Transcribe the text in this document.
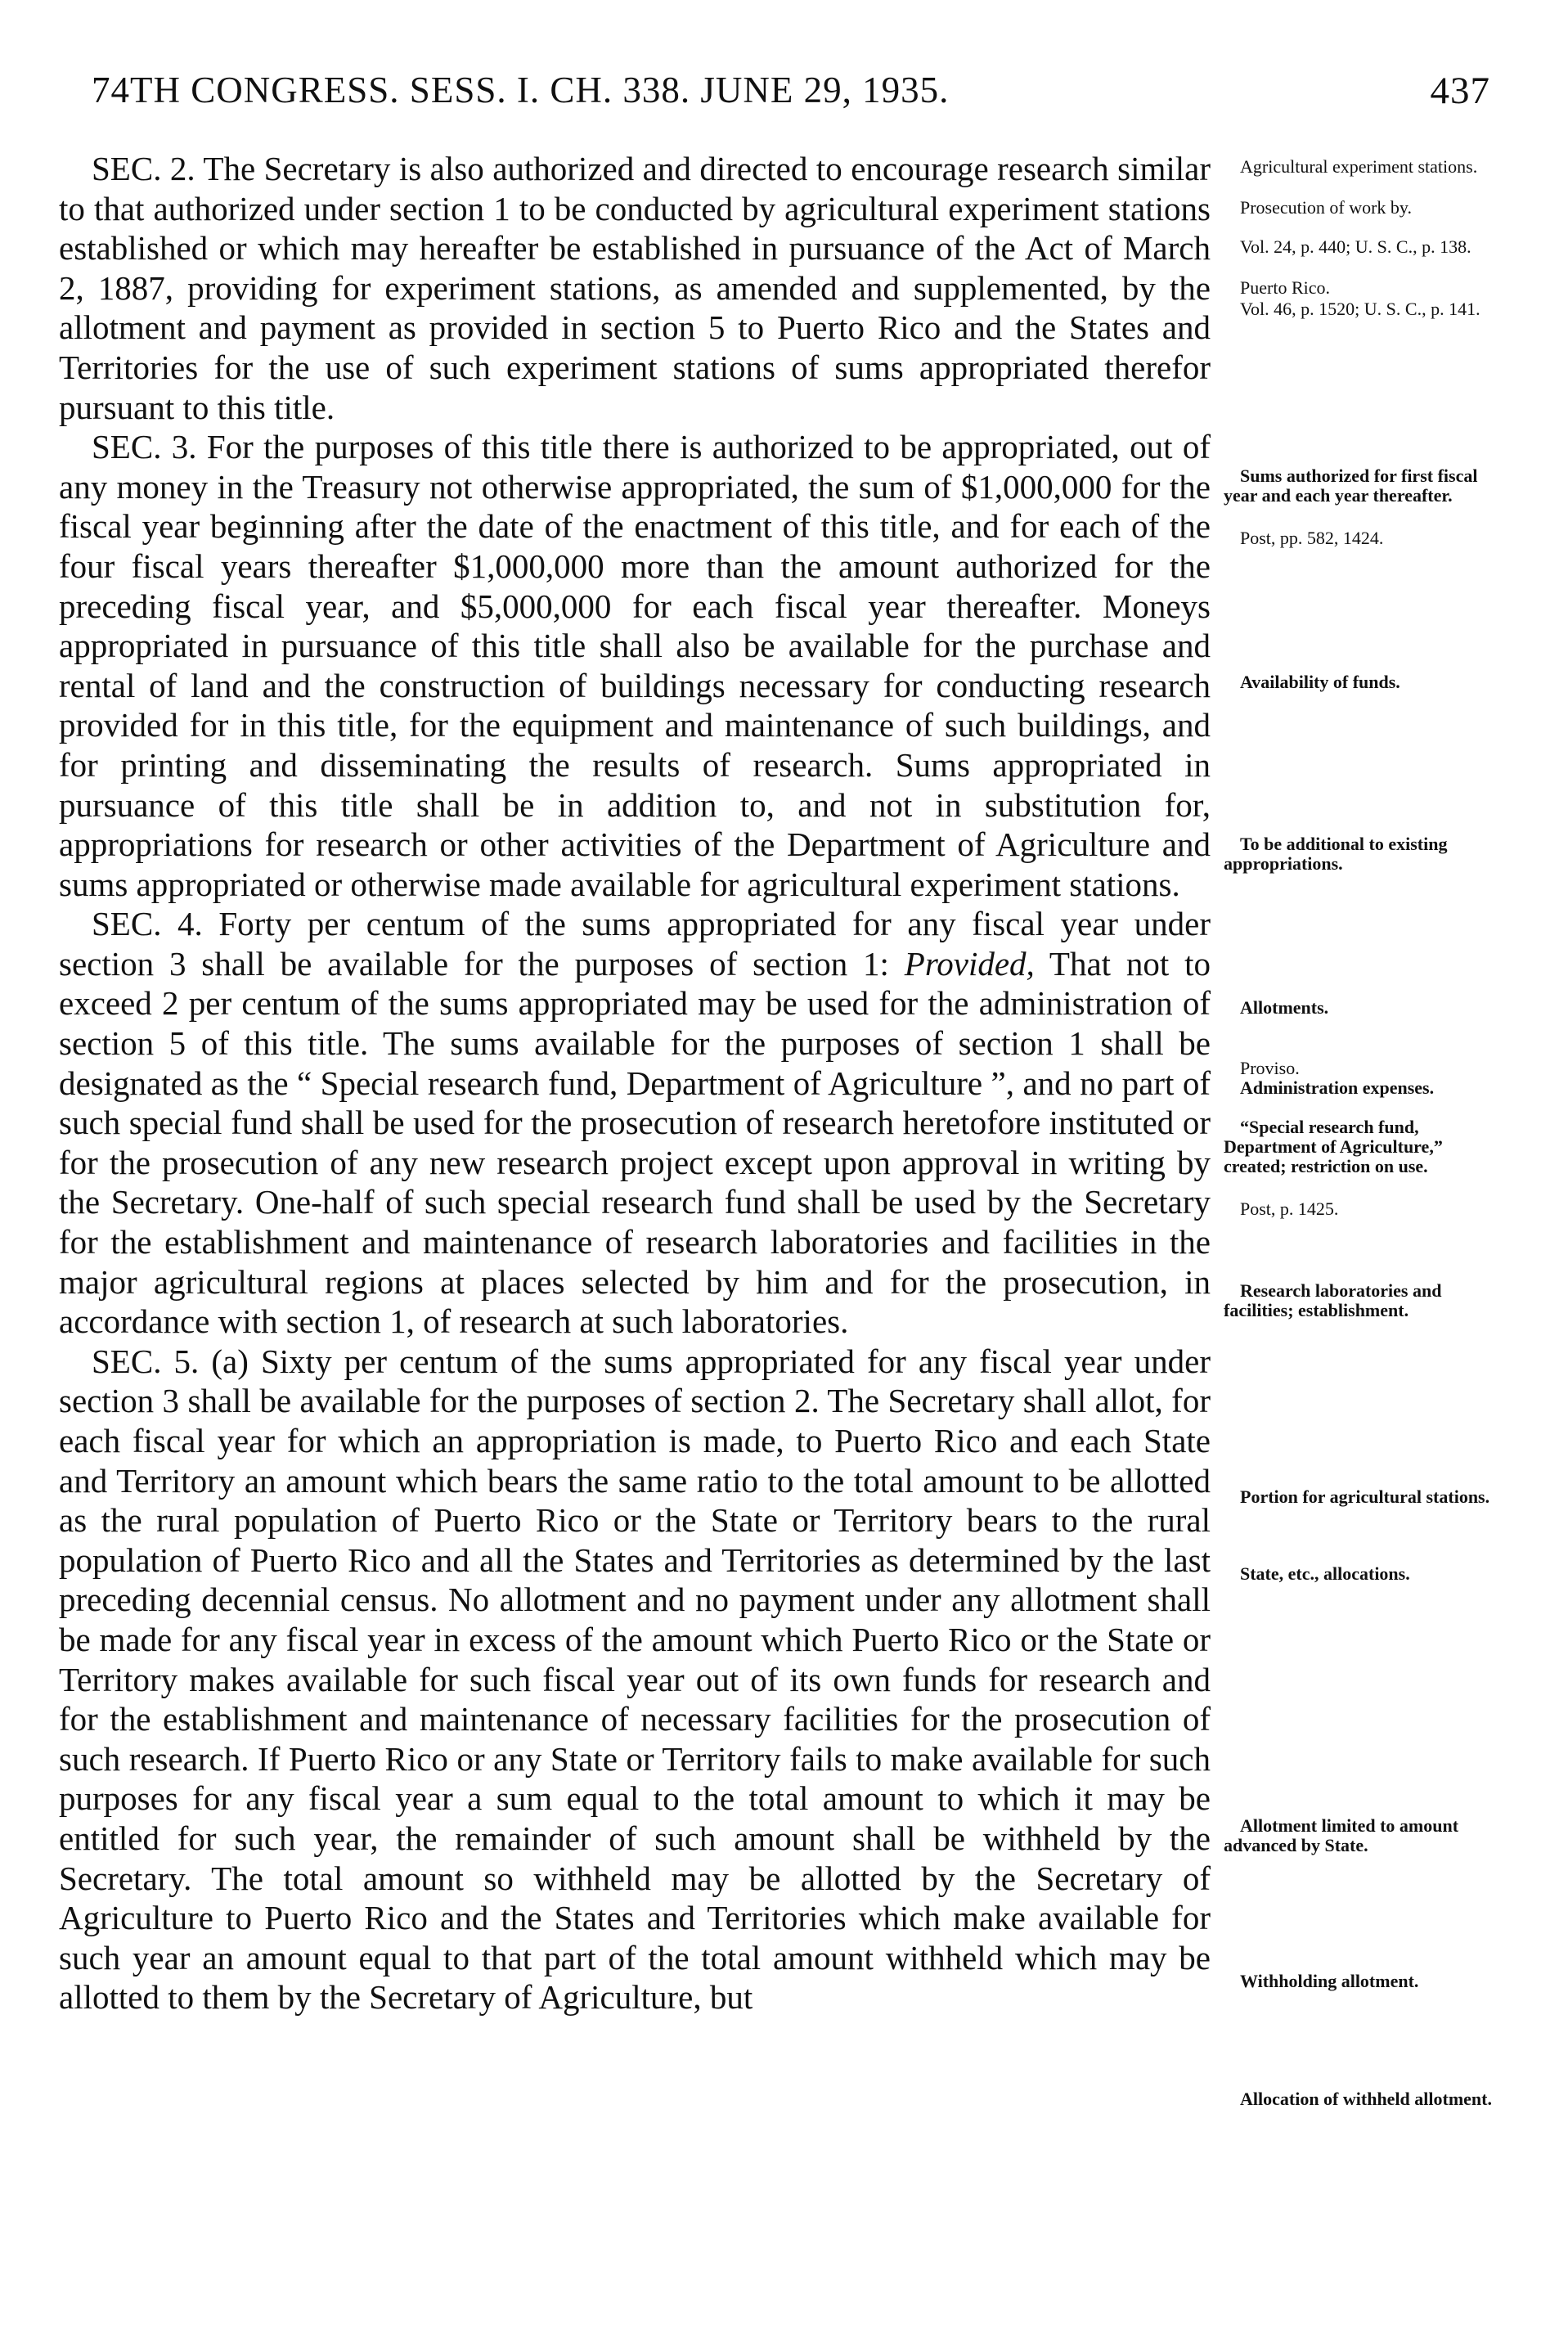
74TH CONGRESS. SESS. I. CH. 338. JUNE 29, 1935.	437

SEC. 2. The Secretary is also authorized and directed to encourage research similar to that authorized under section 1 to be conducted by agricultural experiment stations established or which may hereafter be established in pursuance of the Act of March 2, 1887, providing for experiment stations, as amended and supplemented, by the allotment and payment as provided in section 5 to Puerto Rico and the States and Territories for the use of such experiment stations of sums appropriated therefor pursuant to this title.

SEC. 3. For the purposes of this title there is authorized to be appropriated, out of any money in the Treasury not otherwise appropriated, the sum of $1,000,000 for the fiscal year beginning after the date of the enactment of this title, and for each of the four fiscal years thereafter $1,000,000 more than the amount authorized for the preceding fiscal year, and $5,000,000 for each fiscal year thereafter. Moneys appropriated in pursuance of this title shall also be available for the purchase and rental of land and the construction of buildings necessary for conducting research provided for in this title, for the equipment and maintenance of such buildings, and for printing and disseminating the results of research. Sums appropriated in pursuance of this title shall be in addition to, and not in substitution for, appropriations for research or other activities of the Department of Agriculture and sums appropriated or otherwise made available for agricultural experiment stations.

SEC. 4. Forty per centum of the sums appropriated for any fiscal year under section 3 shall be available for the purposes of section 1: Provided, That not to exceed 2 per centum of the sums appropriated may be used for the administration of section 5 of this title. The sums available for the purposes of section 1 shall be designated as the “ Special research fund, Department of Agriculture ”, and no part of such special fund shall be used for the prosecution of research heretofore instituted or for the prosecution of any new research project except upon approval in writing by the Secretary. One-half of such special research fund shall be used by the Secretary for the establishment and maintenance of research laboratories and facilities in the major agricultural regions at places selected by him and for the prosecution, in accordance with section 1, of research at such laboratories.

SEC. 5. (a) Sixty per centum of the sums appropriated for any fiscal year under section 3 shall be available for the purposes of section 2. The Secretary shall allot, for each fiscal year for which an appropriation is made, to Puerto Rico and each State and Territory an amount which bears the same ratio to the total amount to be allotted as the rural population of Puerto Rico or the State or Territory bears to the rural population of Puerto Rico and all the States and Territories as determined by the last preceding decennial census. No allotment and no payment under any allotment shall be made for any fiscal year in excess of the amount which Puerto Rico or the State or Territory makes available for such fiscal year out of its own funds for research and for the establishment and maintenance of necessary facilities for the prosecution of such research. If Puerto Rico or any State or Territory fails to make available for such purposes for any fiscal year a sum equal to the total amount to which it may be entitled for such year, the remainder of such amount shall be withheld by the Secretary. The total amount so withheld may be allotted by the Secretary of Agriculture to Puerto Rico and the States and Territories which make available for such year an amount equal to that part of the total amount withheld which may be allotted to them by the Secretary of Agriculture, but

Agricultural experiment stations.
Prosecution of work by.
Vol. 24, p. 440; U. S. C., p. 138.
Puerto Rico.
Vol. 46, p. 1520; U. S. C., p. 141.
Sums authorized for first fiscal year and each year thereafter.
Post, pp. 582, 1424.
Availability of funds.
To be additional to existing appropriations.
Allotments.
Proviso.
Administration expenses.
“Special research fund, Department of Agriculture,” created; restriction on use.
Post, p. 1425.
Research laboratories and facilities; establishment.
Portion for agricultural stations.
State, etc., allocations.
Allotment limited to amount advanced by State.
Withholding allotment.
Allocation of withheld allotment.
